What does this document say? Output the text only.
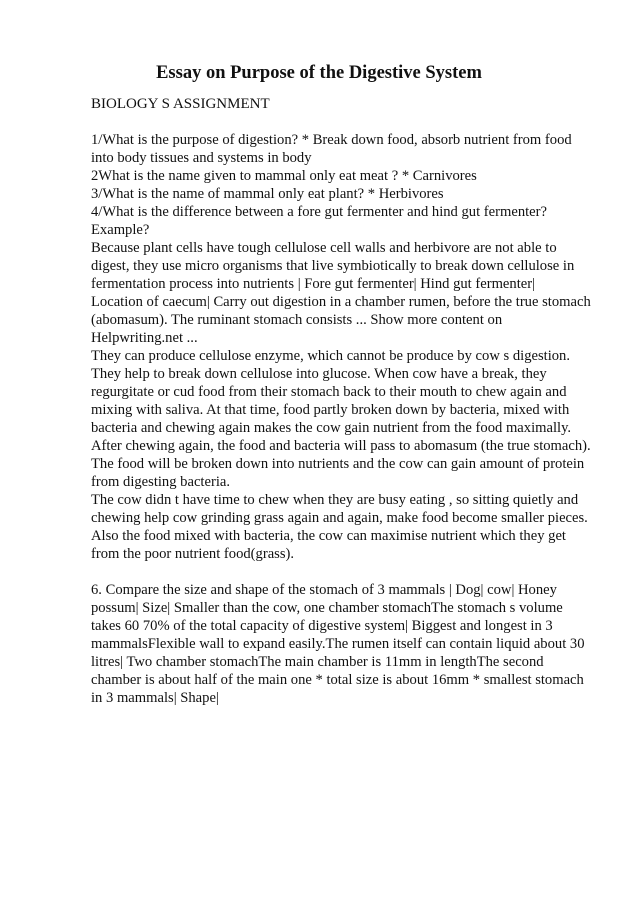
Essay on Purpose of the Digestive System

BIOLOGY S ASSIGNMENT

1/What is the purpose of digestion? * Break down food, absorb nutrient from food
into body tissues and systems in body
2What is the name given to mammal only eat meat ? * Carnivores
3/What is the name of mammal only eat plant? * Herbivores
4/What is the difference between a fore gut fermenter and hind gut fermenter?
Example?
Because plant cells have tough cellulose cell walls and herbivore are not able to
digest, they use micro organisms that live symbiotically to break down cellulose in
fermentation process into nutrients | Fore gut fermenter| Hind gut fermenter|
Location of caecum| Carry out digestion in a chamber rumen, before the true stomach
(abomasum). The ruminant stomach consists ... Show more content on
Helpwriting.net ...
They can produce cellulose enzyme, which cannot be produce by cow s digestion.
They help to break down cellulose into glucose. When cow have a break, they
regurgitate or cud food from their stomach back to their mouth to chew again and
mixing with saliva. At that time, food partly broken down by bacteria, mixed with
bacteria and chewing again makes the cow gain nutrient from the food maximally.
After chewing again, the food and bacteria will pass to abomasum (the true stomach).
The food will be broken down into nutrients and the cow can gain amount of protein
from digesting bacteria.
The cow didn t have time to chew when they are busy eating , so sitting quietly and
chewing help cow grinding grass again and again, make food become smaller pieces.
Also the food mixed with bacteria, the cow can maximise nutrient which they get
from the poor nutrient food(grass).
6. Compare the size and shape of the stomach of 3 mammals | Dog| cow| Honey
possum| Size| Smaller than the cow, one chamber stomachThe stomach s volume
takes 60 70% of the total capacity of digestive system| Biggest and longest in 3
mammalsFlexible wall to expand easily.The rumen itself can contain liquid about 30
litres| Two chamber stomachThe main chamber is 11mm in lengthThe second
chamber is about half of the main one * total size is about 16mm * smallest stomach
in 3 mammals| Shape|
